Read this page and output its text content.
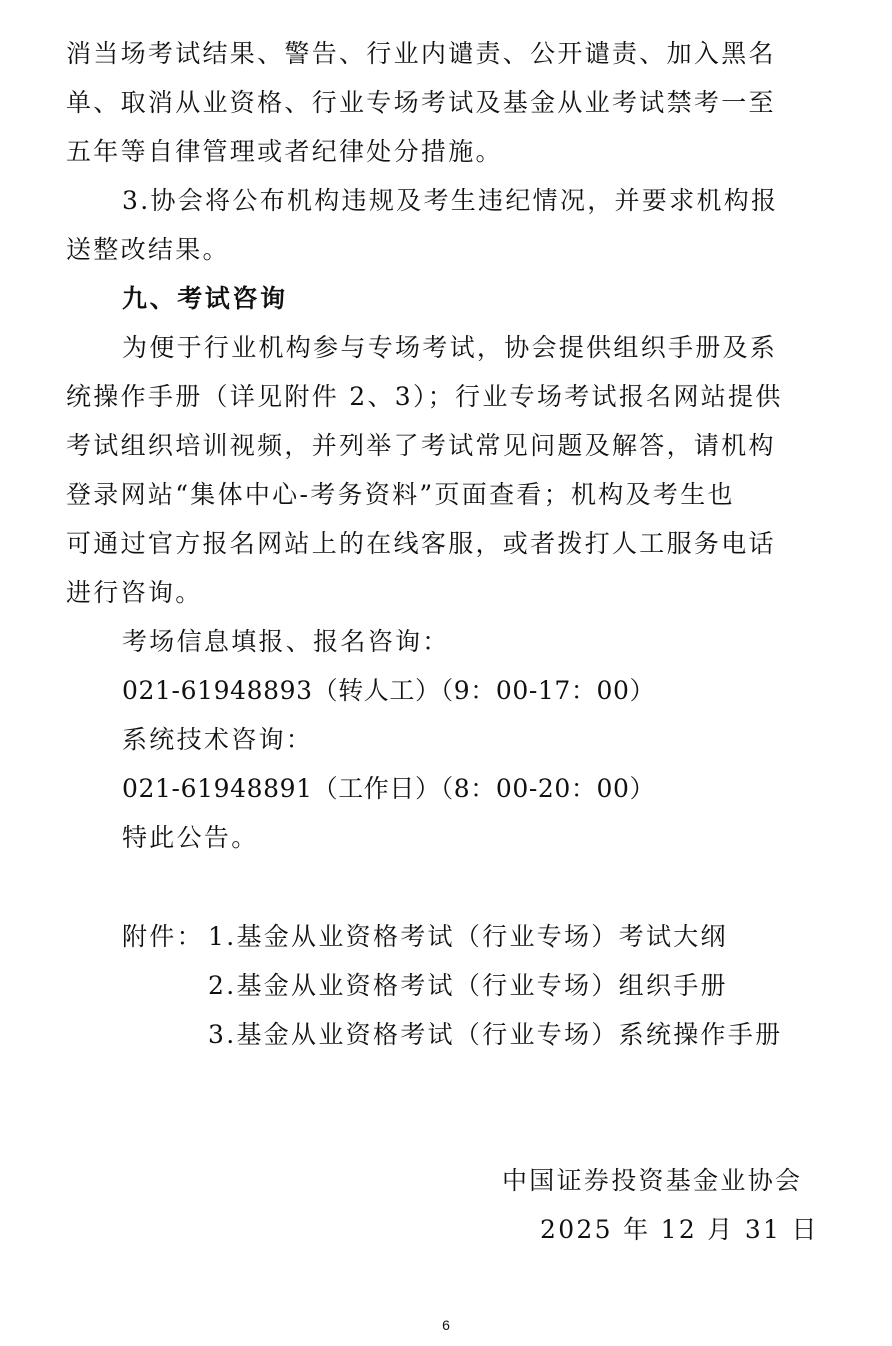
消当场考试结果、警告、行业内谴责、公开谴责、加入黑名
单、取消从业资格、行业专场考试及基金从业考试禁考一至
五年等自律管理或者纪律处分措施。
3.协会将公布机构违规及考生违纪情况，并要求机构报
送整改结果。
九、考试咨询
为便于行业机构参与专场考试，协会提供组织手册及系
统操作手册（详见附件 2、3）；行业专场考试报名网站提供
考试组织培训视频，并列举了考试常见问题及解答，请机构
登录网站“集体中心-考务资料”页面查看；机构及考生也
可通过官方报名网站上的在线客服，或者拨打人工服务电话
进行咨询。
考场信息填报、报名咨询：
021-61948893（转人工）（9：00-17：00）
系统技术咨询：
021-61948891（工作日）（8：00-20：00）
特此公告。
附件： 1.基金从业资格考试（行业专场）考试大纲
2.基金从业资格考试（行业专场）组织手册
3.基金从业资格考试（行业专场）系统操作手册
中国证券投资基金业协会
2025 年 12 月 31 日
6
